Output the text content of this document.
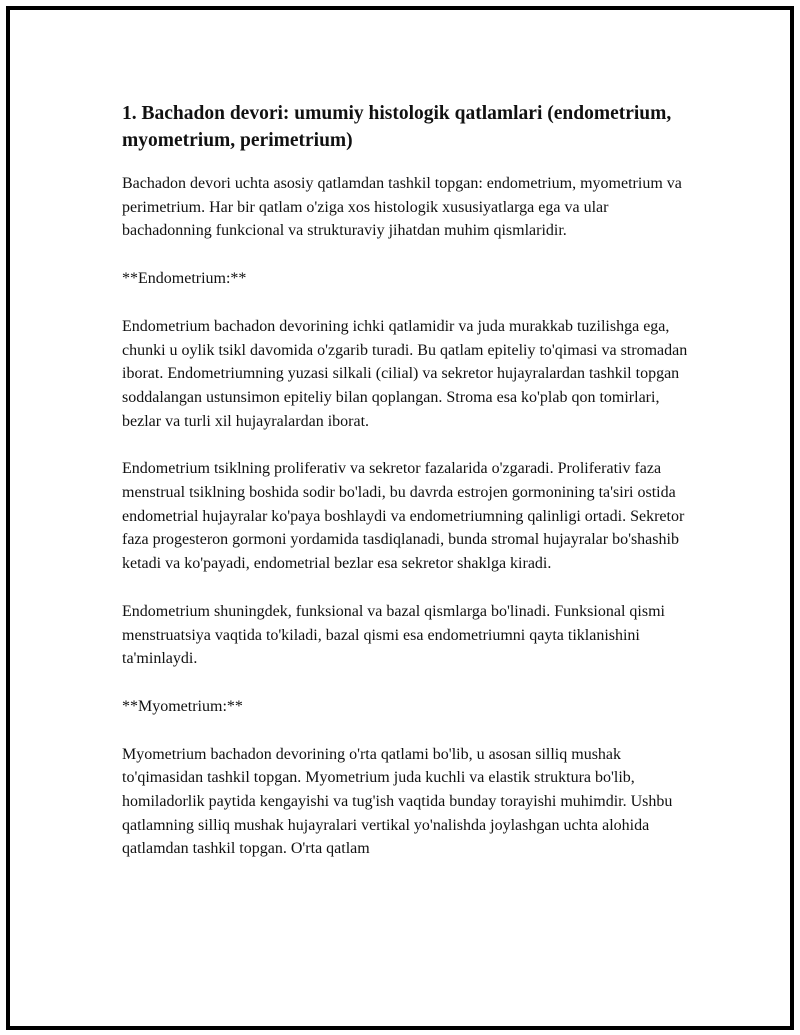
1. Bachadon devori: umumiy histologik qatlamlari (endometrium, myometrium, perimetrium)

Bachadon devori uchta asosiy qatlamdan tashkil topgan: endometrium, myometrium va perimetrium. Har bir qatlam o'ziga xos histologik xususiyatlarga ega va ular bachadonning funkcional va strukturaviy jihatdan muhim qismlaridir.

**Endometrium:**

Endometrium bachadon devorining ichki qatlamidir va juda murakkab tuzilishga ega, chunki u oylik tsikl davomida o'zgarib turadi. Bu qatlam epiteliy to'qimasi va stromadan iborat. Endometriumning yuzasi silkali (cilial) va sekretor hujayralardan tashkil topgan soddalangan ustunsimon epiteliy bilan qoplangan. Stroma esa ko'plab qon tomirlari, bezlar va turli xil hujayralardan iborat.

Endometrium tsiklning proliferativ va sekretor fazalarida o'zgaradi. Proliferativ faza menstrual tsiklning boshida sodir bo'ladi, bu davrda estrojen gormonining ta'siri ostida endometrial hujayralar ko'paya boshlaydi va endometriumning qalinligi ortadi. Sekretor faza progesteron gormoni yordamida tasdiqlanadi, bunda stromal hujayralar bo'shashib ketadi va ko'payadi, endometrial bezlar esa sekretor shaklga kiradi.

Endometrium shuningdek, funksional va bazal qismlarga bo'linadi. Funksional qismi menstruatsiya vaqtida to'kiladi, bazal qismi esa endometriumni qayta tiklanishini ta'minlaydi.

**Myometrium:**

Myometrium bachadon devorining o'rta qatlami bo'lib, u asosan silliq mushak to'qimasidan tashkil topgan. Myometrium juda kuchli va elastik struktura bo'lib, homiladorlik paytida kengayishi va tug'ish vaqtida bunday torayishi muhimdir. Ushbu qatlamning silliq mushak hujayralari vertikal yo'nalishda joylashgan uchta alohida qatlamdan tashkil topgan. O'rta qatlam
